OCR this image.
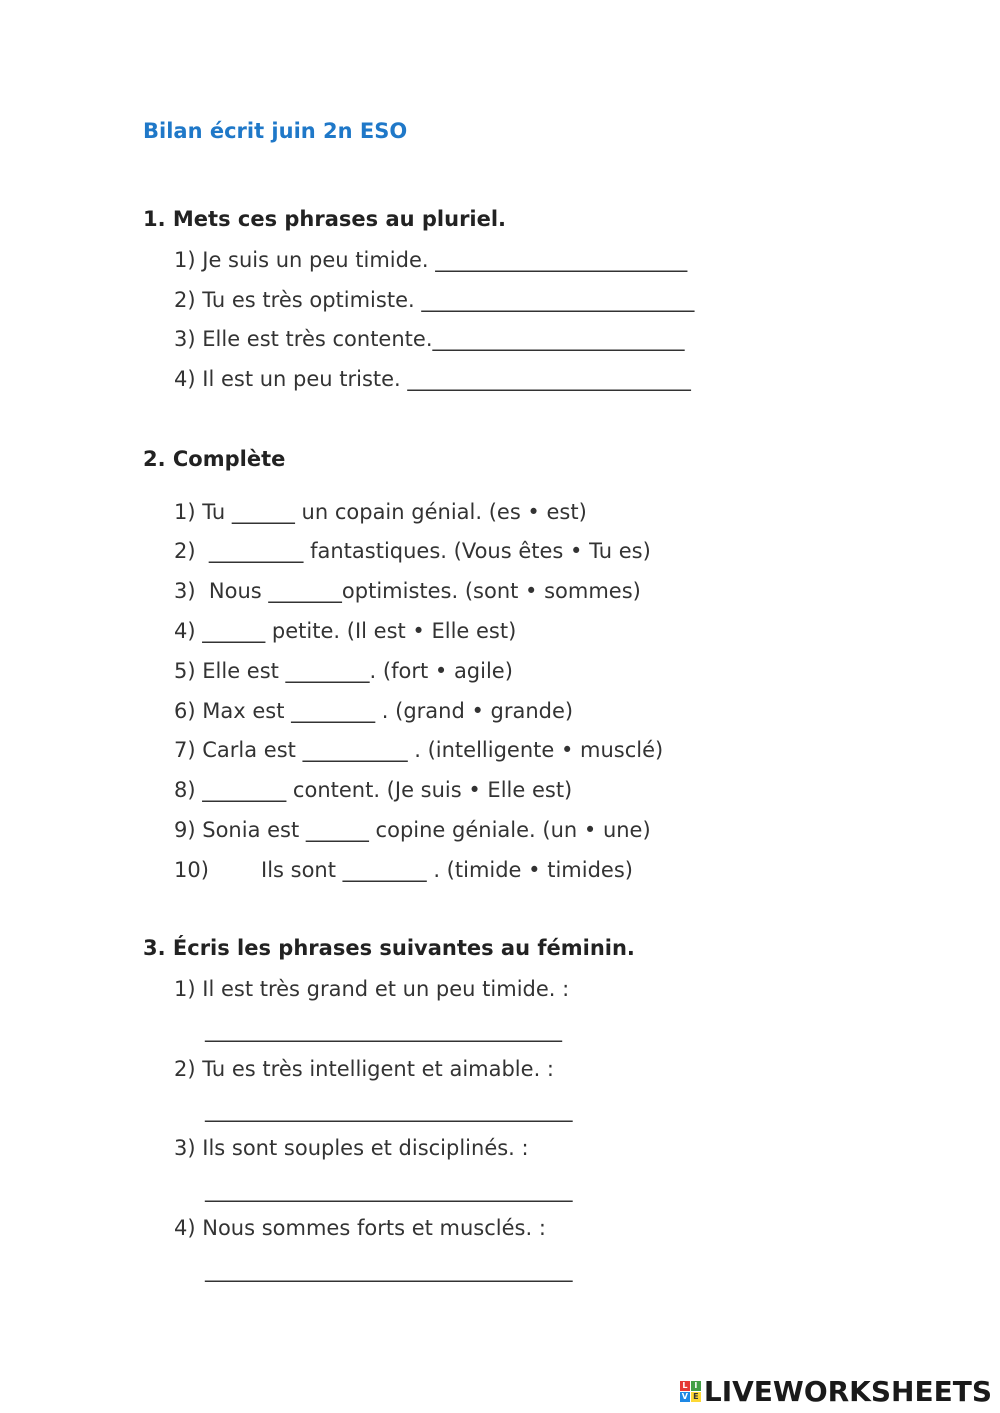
Bilan écrit juin 2n ESO
1. Mets ces phrases au pluriel.
1) Je suis un peu timide. ________________________
2) Tu es très optimiste. __________________________
3) Elle est très contente.________________________
4) Il est un peu triste. ___________________________
2. Complète
1) Tu ______ un copain génial. (es • est)
2)  _________ fantastiques. (Vous êtes • Tu es)
3)  Nous _______optimistes. (sont • sommes)
4) ______ petite. (Il est • Elle est)
5) Elle est ________. (fort • agile)
6) Max est ________ . (grand • grande)
7) Carla est __________ . (intelligente • musclé)
8) ________ content. (Je suis • Elle est)
9) Sonia est ______ copine géniale. (un • une)
10) Ils sont ________ . (timide • timides)
3. Écris les phrases suivantes au féminin.
1) Il est très grand et un peu timide. :
__________________________________
2) Tu es très intelligent et aimable. :
___________________________________
3) Ils sont souples et disciplinés. :
___________________________________
4) Nous sommes forts et musclés. :
___________________________________
L I
V E LIVEWORKSHEETS
